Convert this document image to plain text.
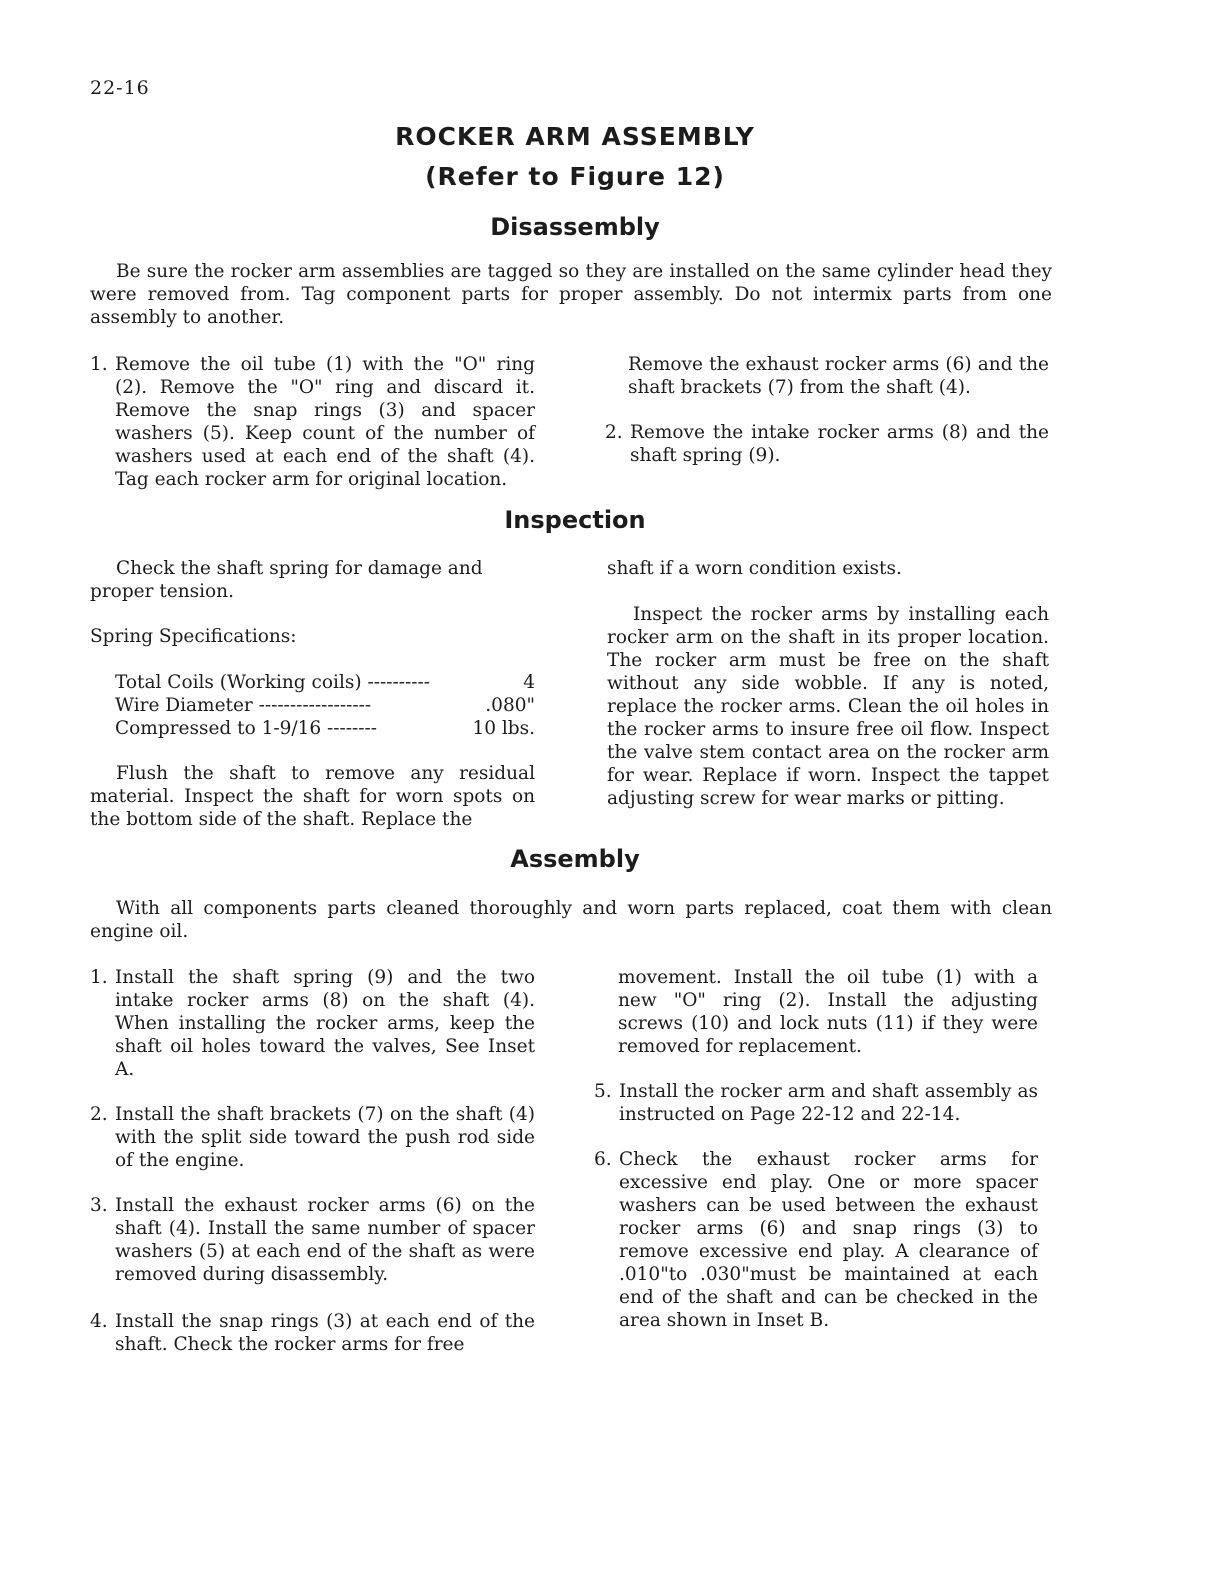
22-16
ROCKER ARM ASSEMBLY
(Refer to Figure 12)
Disassembly
Be sure the rocker arm assemblies are tagged so they are installed on the same cylinder head they were removed from. Tag component parts for proper assembly. Do not intermix parts from one assembly to another.
1. Remove the oil tube (1) with the "O" ring (2). Remove the "O" ring and discard it. Remove the snap rings (3) and spacer washers (5). Keep count of the number of washers used at each end of the shaft (4). Tag each rocker arm for original location.
Remove the exhaust rocker arms (6) and the shaft brackets (7) from the shaft (4).
2. Remove the intake rocker arms (8) and the shaft spring (9).
Inspection
Check the shaft spring for damage and proper tension.
Spring Specifications:
Total Coils (Working coils) ----------	4
Wire Diameter ------------------	.080"
Compressed to 1-9/16 --------	10 lbs.
Flush the shaft to remove any residual material. Inspect the shaft for worn spots on the bottom side of the shaft. Replace the
shaft if a worn condition exists.
Inspect the rocker arms by installing each rocker arm on the shaft in its proper location. The rocker arm must be free on the shaft without any side wobble. If any is noted, replace the rocker arms. Clean the oil holes in the rocker arms to insure free oil flow. Inspect the valve stem contact area on the rocker arm for wear. Replace if worn. Inspect the tappet adjusting screw for wear marks or pitting.
Assembly
With all components parts cleaned thoroughly and worn parts replaced, coat them with clean engine oil.
1. Install the shaft spring (9) and the two intake rocker arms (8) on the shaft (4). When installing the rocker arms, keep the shaft oil holes toward the valves, See Inset A.
2. Install the shaft brackets (7) on the shaft (4) with the split side toward the push rod side of the engine.
3. Install the exhaust rocker arms (6) on the shaft (4). Install the same number of spacer washers (5) at each end of the shaft as were removed during disassembly.
4. Install the snap rings (3) at each end of the shaft. Check the rocker arms for free
movement. Install the oil tube (1) with a new "O" ring (2). Install the adjusting screws (10) and lock nuts (11) if they were removed for replacement.
5. Install the rocker arm and shaft assembly as instructed on Page 22-12 and 22-14.
6. Check the exhaust rocker arms for excessive end play. One or more spacer washers can be used between the exhaust rocker arms (6) and snap rings (3) to remove excessive end play. A clearance of .010"to .030"must be maintained at each end of the shaft and can be checked in the area shown in Inset B.
